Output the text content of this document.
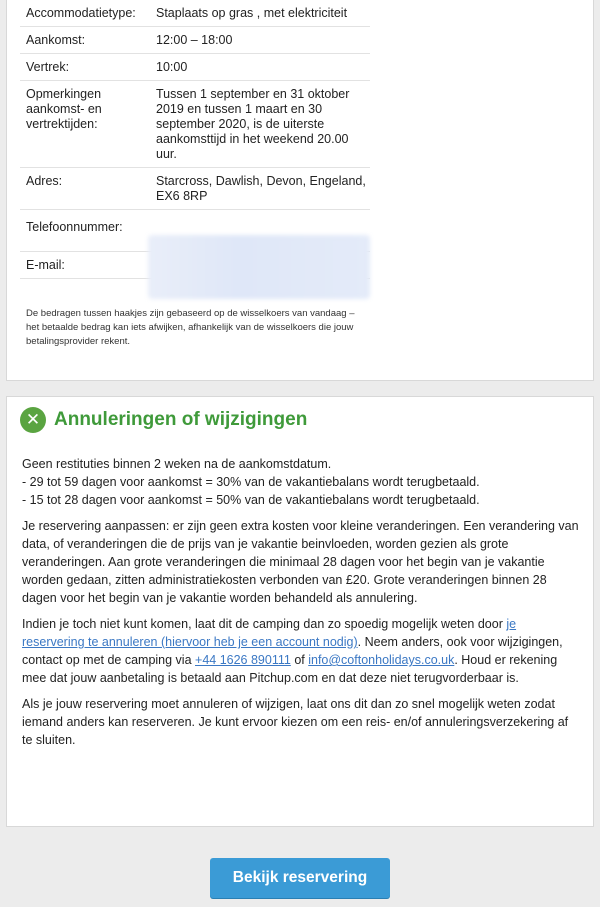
Accommodatietype:	Staplaats op gras , met elektriciteit
Aankomst:	12:00 – 18:00
Vertrek:	10:00
Opmerkingen aankomst- en vertrektijden:	Tussen 1 september en 31 oktober 2019 en tussen 1 maart en 30 september 2020, is de uiterste aankomsttijd in het weekend 20.00 uur.
Adres:	Starcross, Dawlish, Devon, Engeland, EX6 8RP
Telefoonnummer:	
E-mail:	
De bedragen tussen haakjes zijn gebaseerd op de wisselkoers van vandaag – het betaalde bedrag kan iets afwijken, afhankelijk van de wisselkoers die jouw betalingsprovider rekent.
✕ Annuleringen of wijzigingen

Geen restituties binnen 2 weken na de aankomstdatum.
- 29 tot 59 dagen voor aankomst = 30% van de vakantiebalans wordt terugbetaald.
- 15 tot 28 dagen voor aankomst = 50% van de vakantiebalans wordt terugbetaald.

Je reservering aanpassen: er zijn geen extra kosten voor kleine veranderingen. Een verandering van data, of veranderingen die de prijs van je vakantie beinvloeden, worden gezien als grote veranderingen. Aan grote veranderingen die minimaal 28 dagen voor het begin van je vakantie worden gedaan, zitten administratiekosten verbonden van £20. Grote veranderingen binnen 28 dagen voor het begin van je vakantie worden behandeld als annulering.

Indien je toch niet kunt komen, laat dit de camping dan zo spoedig mogelijk weten door je reservering te annuleren (hiervoor heb je een account nodig). Neem anders, ook voor wijzigingen, contact op met de camping via +44 1626 890111 of info@coftonholidays.co.uk. Houd er rekening mee dat jouw aanbetaling is betaald aan Pitchup.com en dat deze niet terugvorderbaar is.

Als je jouw reservering moet annuleren of wijzigen, laat ons dit dan zo snel mogelijk weten zodat iemand anders kan reserveren. Je kunt ervoor kiezen om een reis- en/of annuleringsverzekering af te sluiten.

Bekijk reservering
